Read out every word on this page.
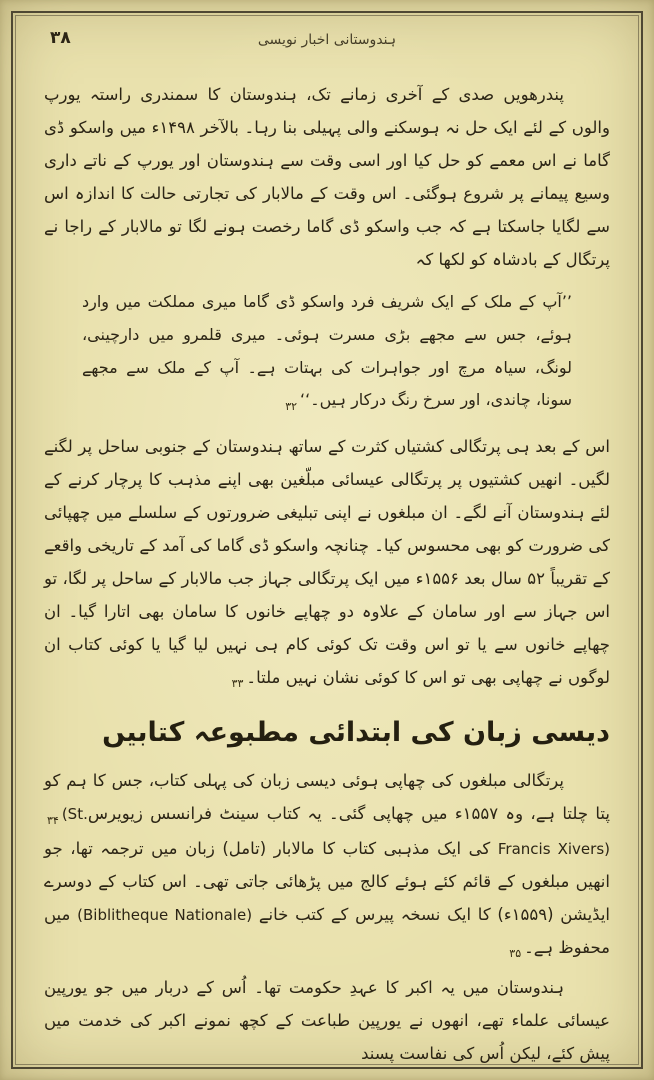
ہندوستانی اخبار نویسی
۳۸

پندرھویں صدی کے آخری زمانے تک، ہندوستان کا سمندری راستہ یورپ والوں کے لئے ایک حل نہ ہوسکنے والی پہیلی بنا رہا۔ بالآخر ۱۴۹۸ء میں واسکو ڈی گاما نے اس معمے کو حل کیا اور اسی وقت سے ہندوستان اور یورپ کے ناتے داری وسیع پیمانے پر شروع ہوگئی۔ اس وقت کے مالابار کی تجارتی حالت کا اندازہ اس سے لگایا جاسکتا ہے کہ جب واسکو ڈی گاما رخصت ہونے لگا تو مالابار کے راجا نے پرتگال کے بادشاہ کو لکھا کہ

’’آپ کے ملک کے ایک شریف فرد واسکو ڈی گاما میری مملکت میں وارد ہوئے، جس سے مجھے بڑی مسرت ہوئی۔ میری قلمرو میں دارچینی، لونگ، سیاہ مرچ اور جواہرات کی بہتات ہے۔ آپ کے ملک سے مجھے سونا، چاندی، اور سرخ رنگ درکار $ہیں۔‘‘_{۳۲}$

اس کے بعد ہی پرتگالی کشتیاں کثرت کے ساتھ ہندوستان کے جنوبی ساحل پر لگنے لگیں۔ انھیں کشتیوں پر پرتگالی عیسائی مبلّغین بھی اپنے مذہب کا پرچار کرنے کے لئے ہندوستان آنے لگے۔ ان مبلغوں نے اپنی تبلیغی ضرورتوں کے سلسلے میں چھپائی کی ضرورت کو بھی محسوس کیا۔ چنانچہ واسکو ڈی گاما کی آمد کے تاریخی واقعے کے تقریباً ۵۲ سال بعد ۱۵۵۶ء میں ایک پرتگالی جہاز جب مالابار کے ساحل پر لگا، تو اس جہاز سے اور سامان کے علاوہ دو چھاپے خانوں کا سامان بھی اتارا گیا۔ ان چھاپے خانوں سے یا تو اس وقت تک کوئی کام ہی نہیں لیا گیا یا کوئی کتاب ان لوگوں نے چھاپی بھی تو اس کا کوئی نشان نہیں $ملتا۔_{۳۳}$

دیسی زبان کی ابتدائی مطبوعہ کتابیں

پرتگالی مبلغوں کی چھاپی ہوئی دیسی زبان کی پہلی کتاب، جس کا ہم کو پتا چلتا ہے، وہ ۱۵۵۷ء میں چھاپی گئی۔ یہ کتاب سینٹ فرانسس زیویرس$_{۳۴}$ (St. Francis Xivers) کی ایک مذہبی کتاب کا مالابار (تامل) زبان میں ترجمہ تھا، جو انھیں مبلغوں کے قائم کئے ہوئے کالج میں پڑھائی جاتی تھی۔ اس کتاب کے دوسرے ایڈیشن (۱۵۵۹ء) کا ایک نسخہ پیرس کے کتب خانے (Biblitheque Nationale) میں محفوظ $ہے۔_{۳۵}$

ہندوستان میں یہ اکبر کا عہدِ حکومت تھا۔ اُس کے دربار میں جو یورپین عیسائی علماء تھے، انھوں نے یورپین طباعت کے کچھ نمونے اکبر کی خدمت میں پیش کئے، لیکن اُس کی نفاست پسند
